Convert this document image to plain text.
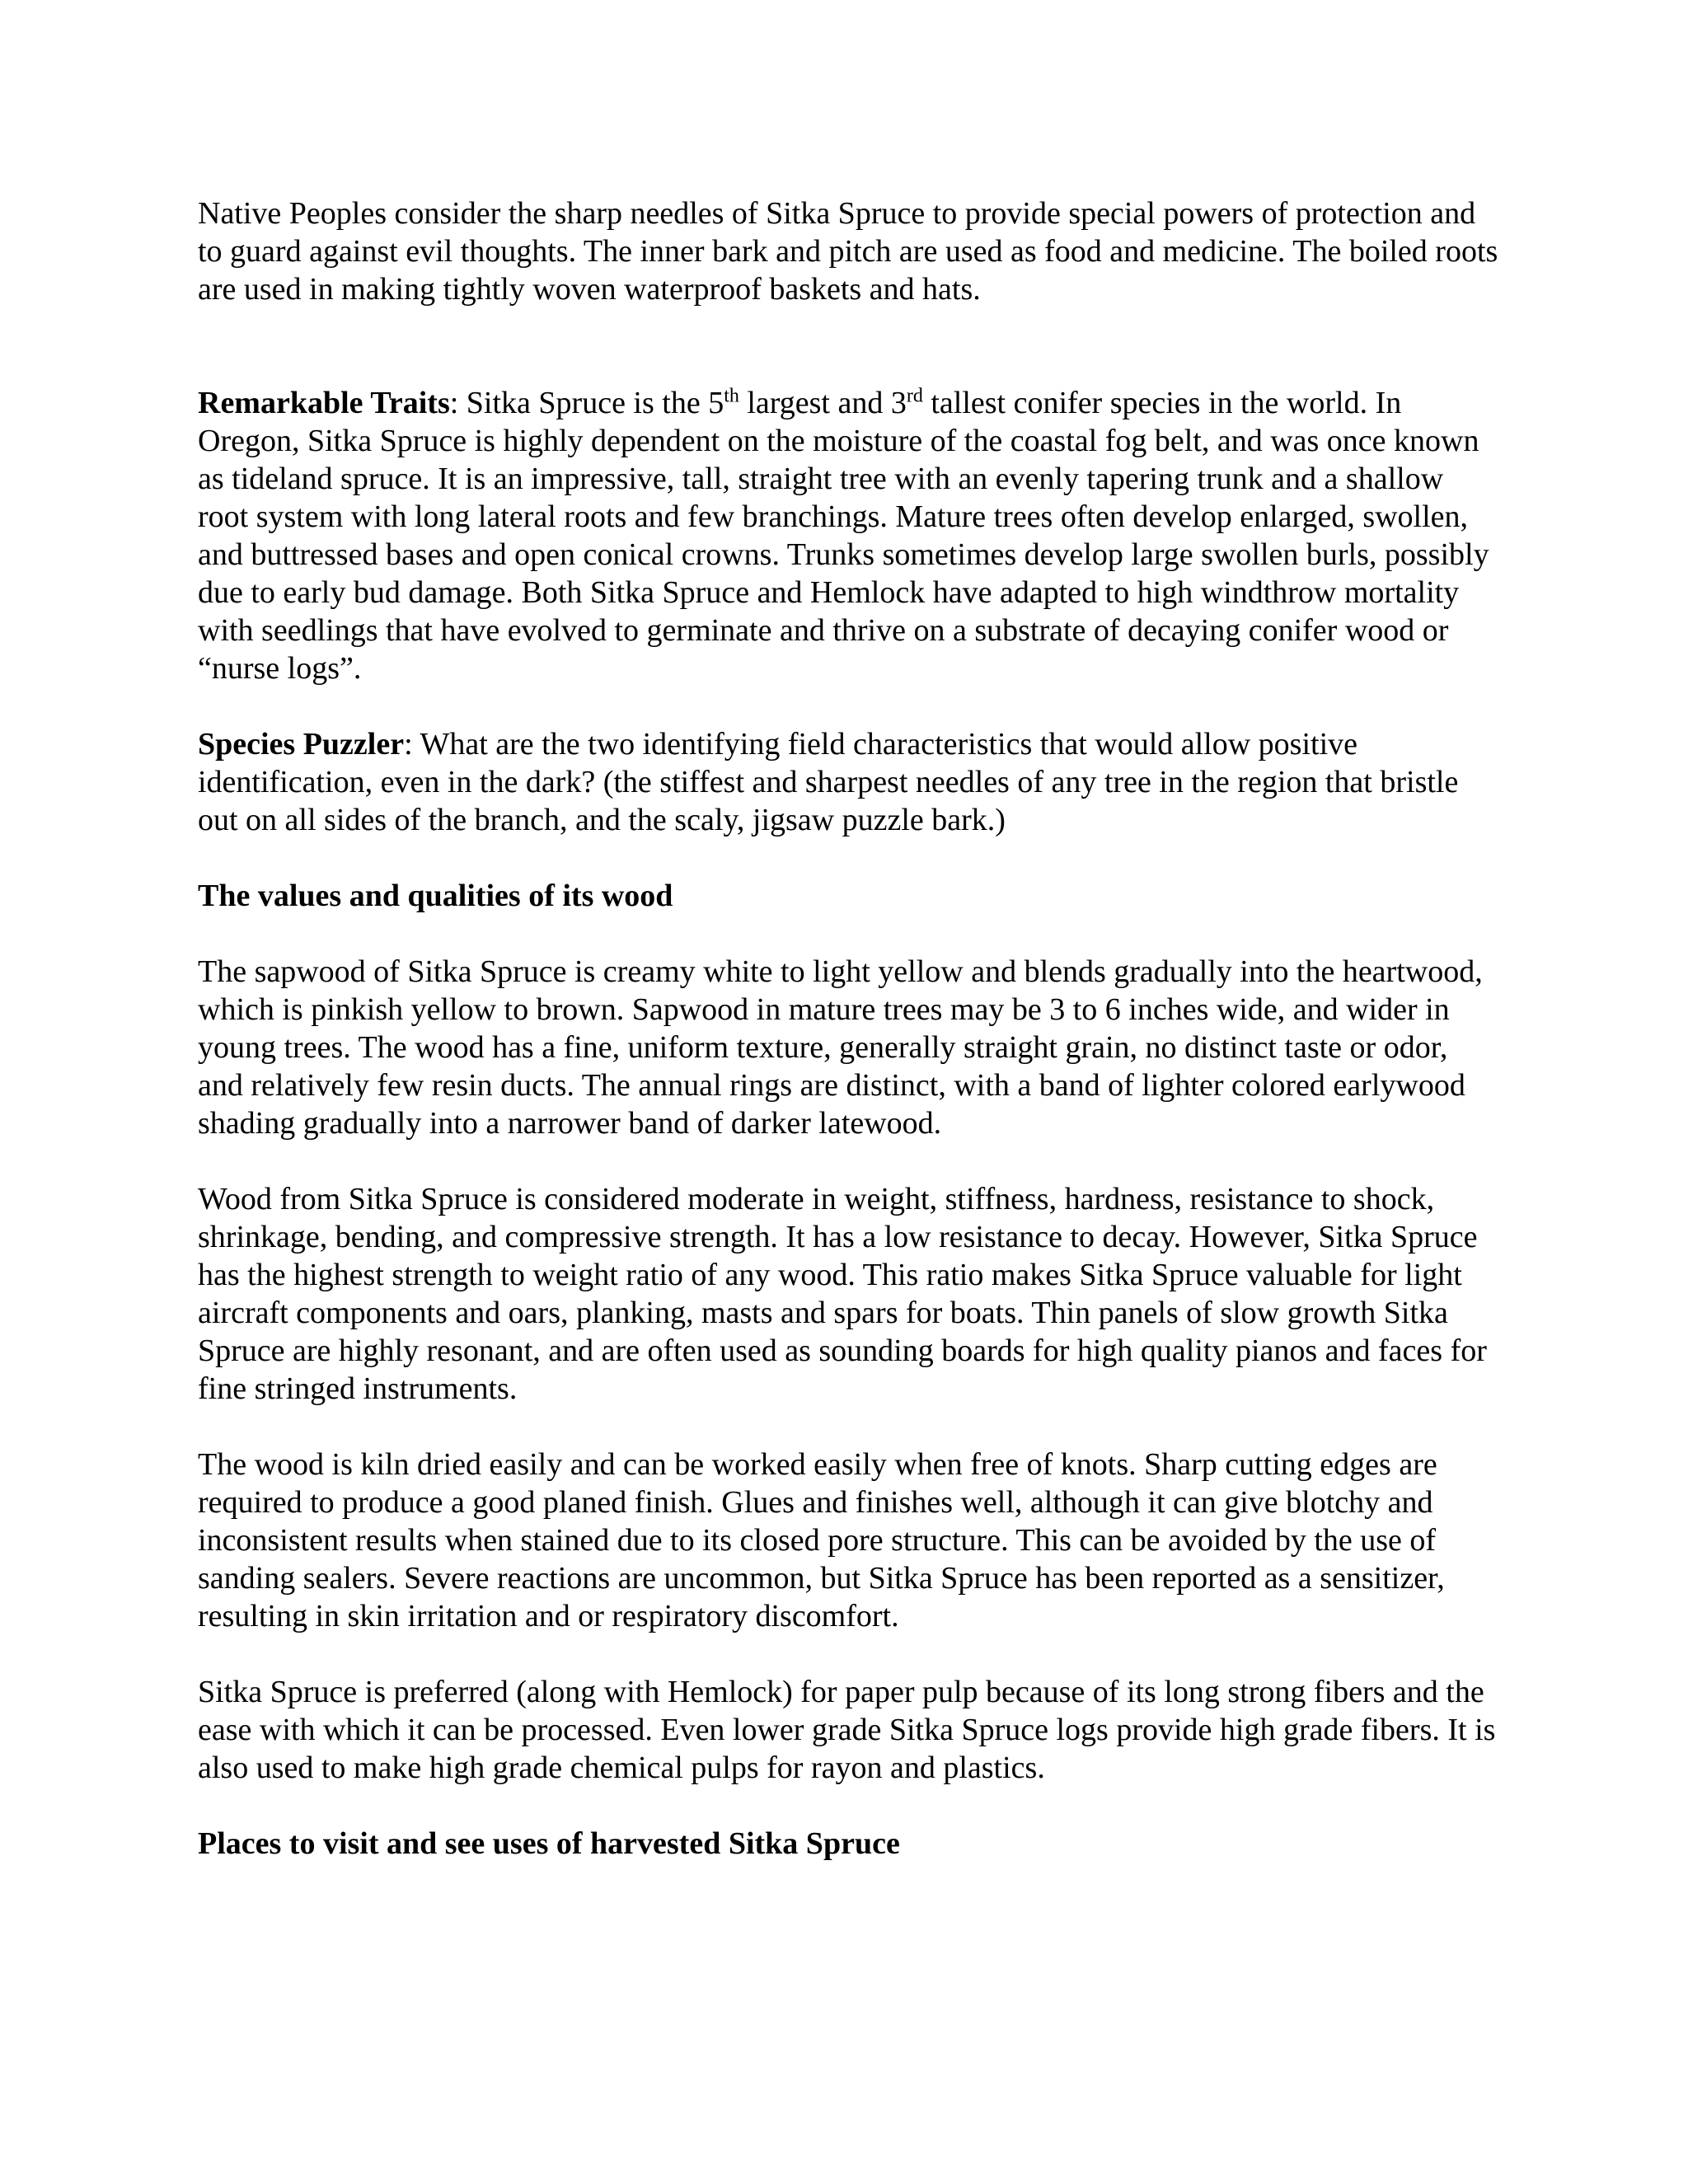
Native Peoples consider the sharp needles of Sitka Spruce to provide special powers of protection and to guard against evil thoughts. The inner bark and pitch are used as food and medicine. The boiled roots are used in making tightly woven waterproof baskets and hats.

Remarkable Traits: Sitka Spruce is the 5th largest and 3rd tallest conifer species in the world. In Oregon, Sitka Spruce is highly dependent on the moisture of the coastal fog belt, and was once known as tideland spruce. It is an impressive, tall, straight tree with an evenly tapering trunk and a shallow root system with long lateral roots and few branchings. Mature trees often develop enlarged, swollen, and buttressed bases and open conical crowns. Trunks sometimes develop large swollen burls, possibly due to early bud damage. Both Sitka Spruce and Hemlock have adapted to high windthrow mortality with seedlings that have evolved to germinate and thrive on a substrate of decaying conifer wood or “nurse logs”.

Species Puzzler: What are the two identifying field characteristics that would allow positive identification, even in the dark? (the stiffest and sharpest needles of any tree in the region that bristle out on all sides of the branch, and the scaly, jigsaw puzzle bark.)

The values and qualities of its wood

The sapwood of Sitka Spruce is creamy white to light yellow and blends gradually into the heartwood, which is pinkish yellow to brown. Sapwood in mature trees may be 3 to 6 inches wide, and wider in young trees. The wood has a fine, uniform texture, generally straight grain, no distinct taste or odor, and relatively few resin ducts. The annual rings are distinct, with a band of lighter colored earlywood shading gradually into a narrower band of darker latewood.

Wood from Sitka Spruce is considered moderate in weight, stiffness, hardness, resistance to shock, shrinkage, bending, and compressive strength. It has a low resistance to decay. However, Sitka Spruce has the highest strength to weight ratio of any wood. This ratio makes Sitka Spruce valuable for light aircraft components and oars, planking, masts and spars for boats. Thin panels of slow growth Sitka Spruce are highly resonant, and are often used as sounding boards for high quality pianos and faces for fine stringed instruments.

The wood is kiln dried easily and can be worked easily when free of knots. Sharp cutting edges are required to produce a good planed finish. Glues and finishes well, although it can give blotchy and inconsistent results when stained due to its closed pore structure. This can be avoided by the use of sanding sealers. Severe reactions are uncommon, but Sitka Spruce has been reported as a sensitizer, resulting in skin irritation and or respiratory discomfort.

Sitka Spruce is preferred (along with Hemlock) for paper pulp because of its long strong fibers and the ease with which it can be processed. Even lower grade Sitka Spruce logs provide high grade fibers. It is also used to make high grade chemical pulps for rayon and plastics.

Places to visit and see uses of harvested Sitka Spruce
